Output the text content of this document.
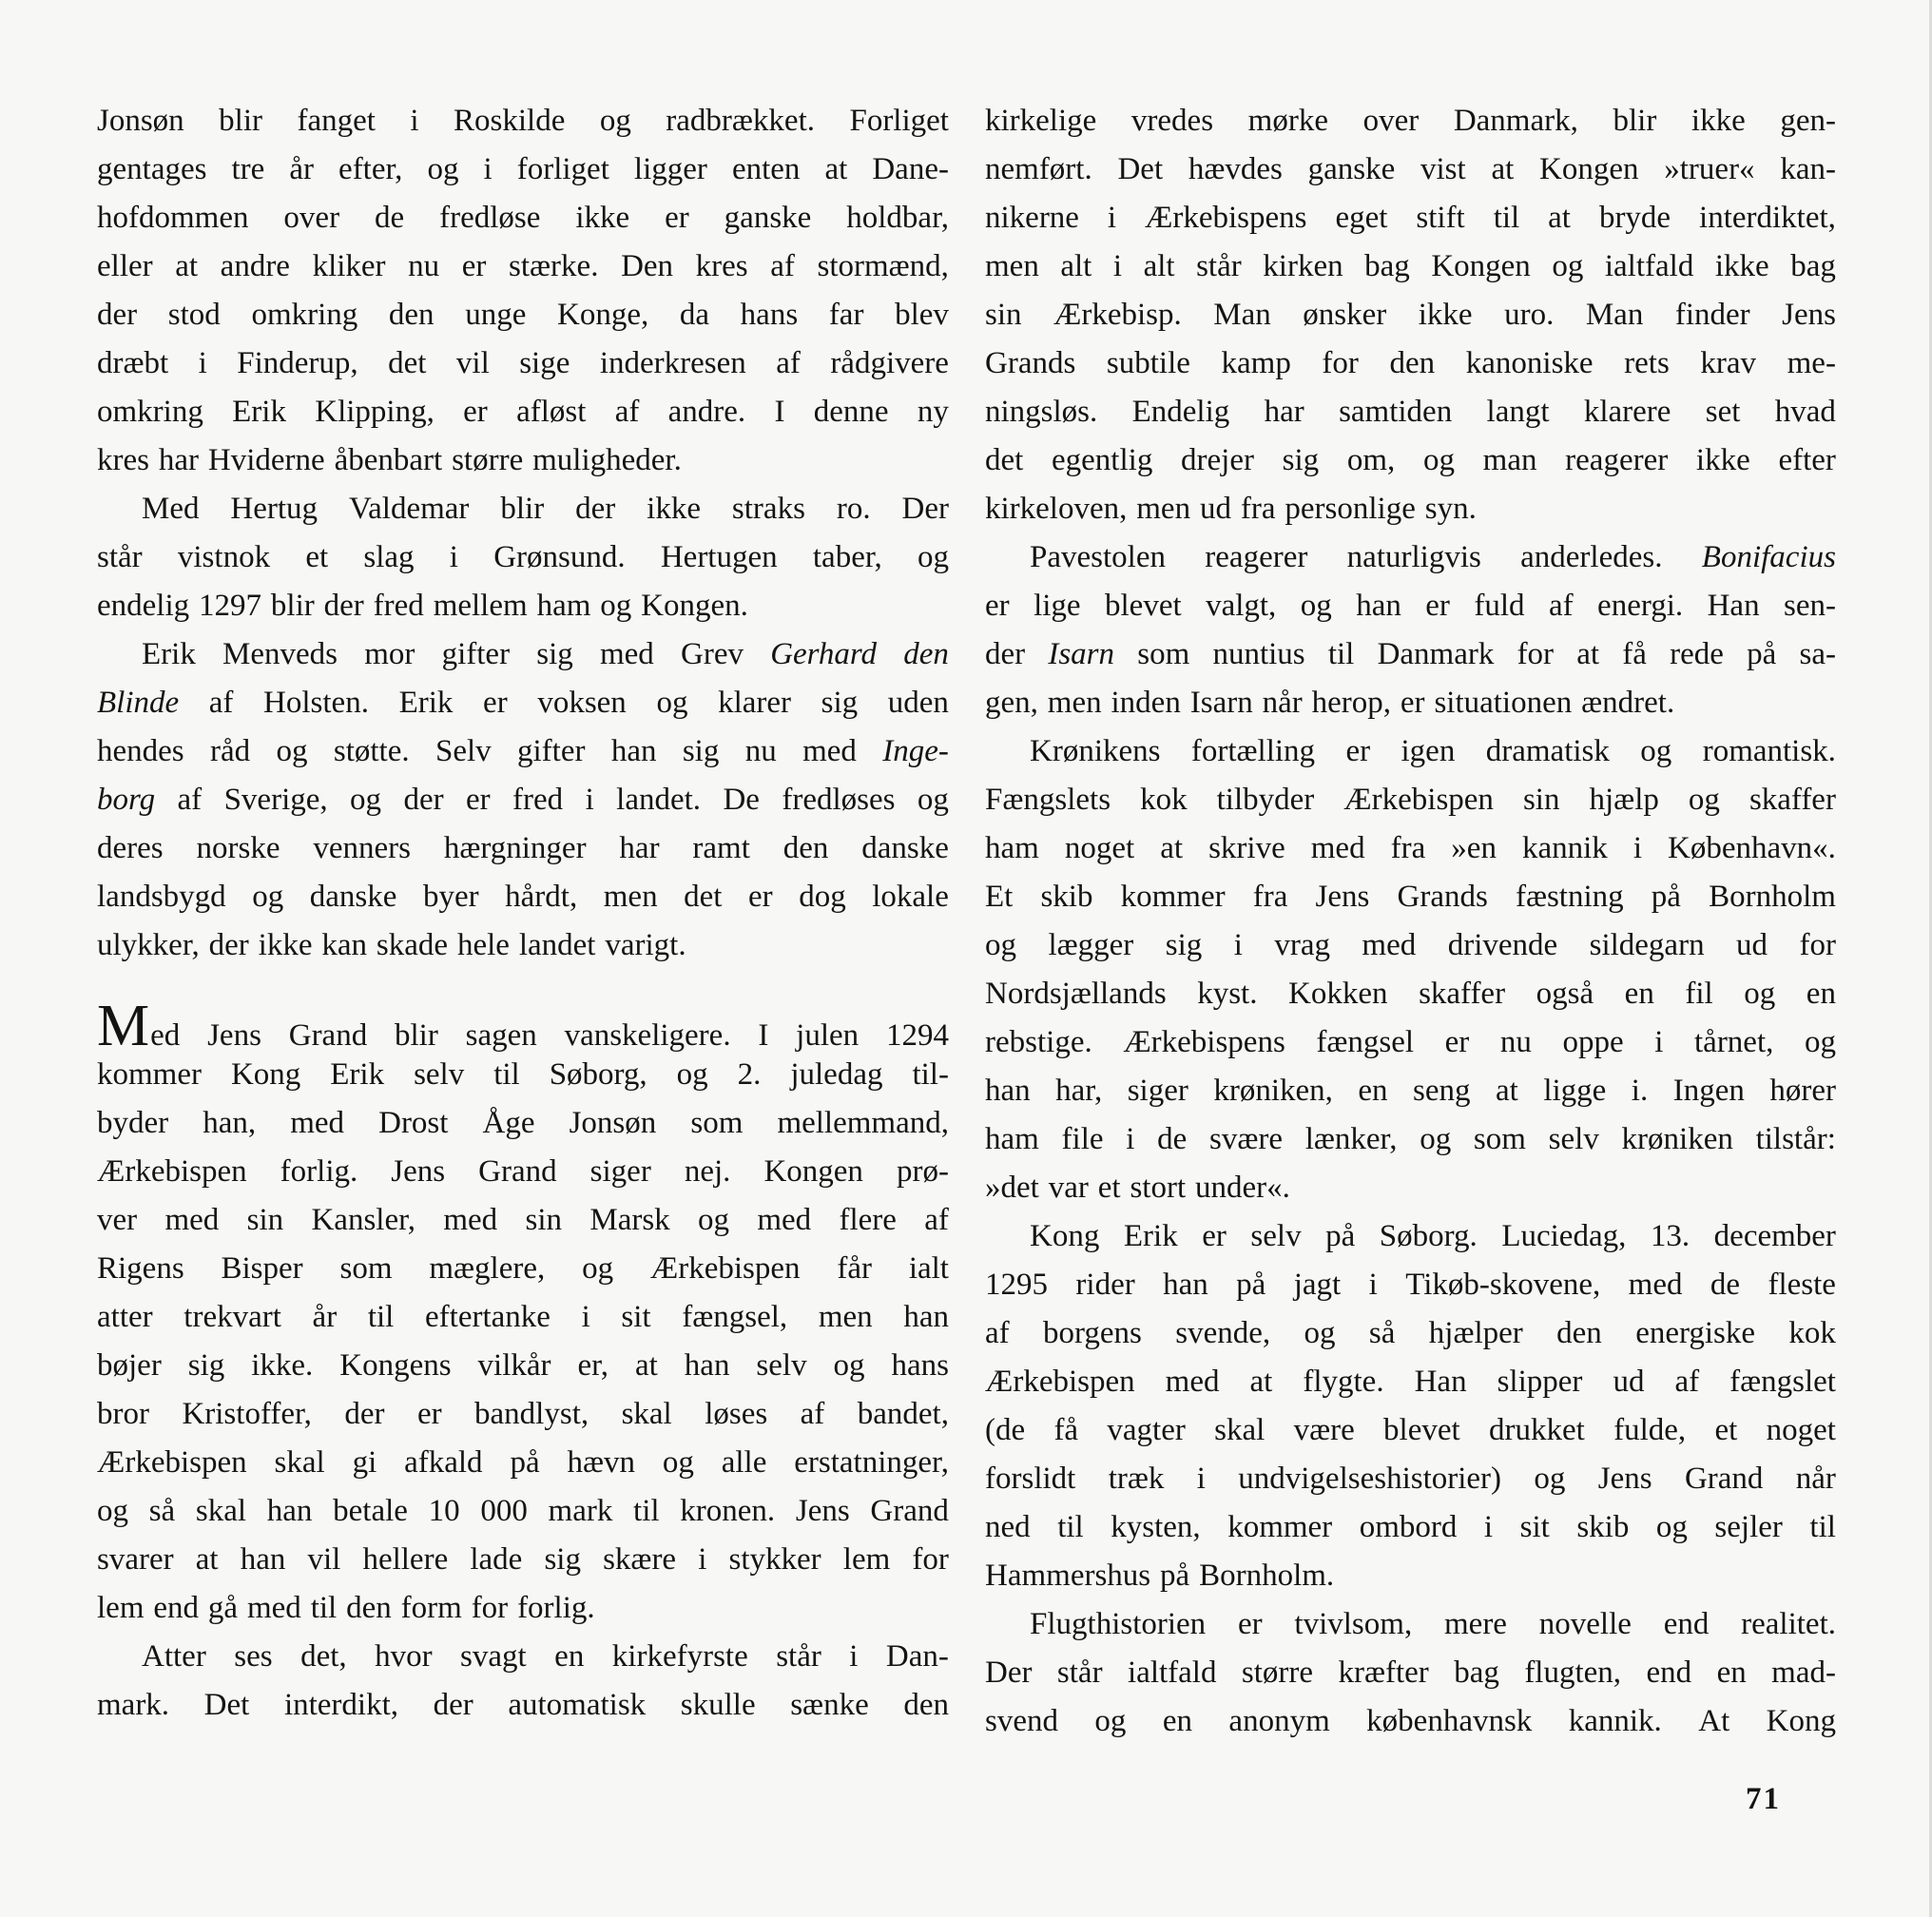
Jonsøn blir fanget i Roskilde og radbrækket. Forliget
gentages tre år efter, og i forliget ligger enten at Dane-
hofdommen over de fredløse ikke er ganske holdbar,
eller at andre kliker nu er stærke. Den kres af stormænd,
der stod omkring den unge Konge, da hans far blev
dræbt i Finderup, det vil sige inderkresen af rådgivere
omkring Erik Klipping, er afløst af andre. I denne ny
kres har Hviderne åbenbart større muligheder.
Med Hertug Valdemar blir der ikke straks ro. Der
står vistnok et slag i Grønsund. Hertugen taber, og
endelig 1297 blir der fred mellem ham og Kongen.
Erik Menveds mor gifter sig med Grev Gerhard den
Blinde af Holsten. Erik er voksen og klarer sig uden
hendes råd og støtte. Selv gifter han sig nu med Inge-
borg af Sverige, og der er fred i landet. De fredløses og
deres norske venners hærgninger har ramt den danske
landsbygd og danske byer hårdt, men det er dog lokale
ulykker, der ikke kan skade hele landet varigt.
Med Jens Grand blir sagen vanskeligere. I julen 1294
kommer Kong Erik selv til Søborg, og 2. juledag til-
byder han, med Drost Åge Jonsøn som mellemmand,
Ærkebispen forlig. Jens Grand siger nej. Kongen prø-
ver med sin Kansler, med sin Marsk og med flere af
Rigens Bisper som mæglere, og Ærkebispen får ialt
atter trekvart år til eftertanke i sit fængsel, men han
bøjer sig ikke. Kongens vilkår er, at han selv og hans
bror Kristoffer, der er bandlyst, skal løses af bandet,
Ærkebispen skal gi afkald på hævn og alle erstatninger,
og så skal han betale 10 000 mark til kronen. Jens Grand
svarer at han vil hellere lade sig skære i stykker lem for
lem end gå med til den form for forlig.
Atter ses det, hvor svagt en kirkefyrste står i Dan-
mark. Det interdikt, der automatisk skulle sænke den
kirkelige vredes mørke over Danmark, blir ikke gen-
nemført. Det hævdes ganske vist at Kongen »truer« kan-
nikerne i Ærkebispens eget stift til at bryde interdiktet,
men alt i alt står kirken bag Kongen og ialtfald ikke bag
sin Ærkebisp. Man ønsker ikke uro. Man finder Jens
Grands subtile kamp for den kanoniske rets krav me-
ningsløs. Endelig har samtiden langt klarere set hvad
det egentlig drejer sig om, og man reagerer ikke efter
kirkeloven, men ud fra personlige syn.
Pavestolen reagerer naturligvis anderledes. Bonifacius
er lige blevet valgt, og han er fuld af energi. Han sen-
der Isarn som nuntius til Danmark for at få rede på sa-
gen, men inden Isarn når herop, er situationen ændret.
Krønikens fortælling er igen dramatisk og romantisk.
Fængslets kok tilbyder Ærkebispen sin hjælp og skaffer
ham noget at skrive med fra »en kannik i København«.
Et skib kommer fra Jens Grands fæstning på Bornholm
og lægger sig i vrag med drivende sildegarn ud for
Nordsjællands kyst. Kokken skaffer også en fil og en
rebstige. Ærkebispens fængsel er nu oppe i tårnet, og
han har, siger krøniken, en seng at ligge i. Ingen hører
ham file i de svære lænker, og som selv krøniken tilstår:
»det var et stort under«.
Kong Erik er selv på Søborg. Luciedag, 13. december
1295 rider han på jagt i Tikøb-skovene, med de fleste
af borgens svende, og så hjælper den energiske kok
Ærkebispen med at flygte. Han slipper ud af fængslet
(de få vagter skal være blevet drukket fulde, et noget
forslidt træk i undvigelseshistorier) og Jens Grand når
ned til kysten, kommer ombord i sit skib og sejler til
Hammershus på Bornholm.
Flugthistorien er tvivlsom, mere novelle end realitet.
Der står ialtfald større kræfter bag flugten, end en mad-
svend og en anonym københavnsk kannik. At Kong
71
